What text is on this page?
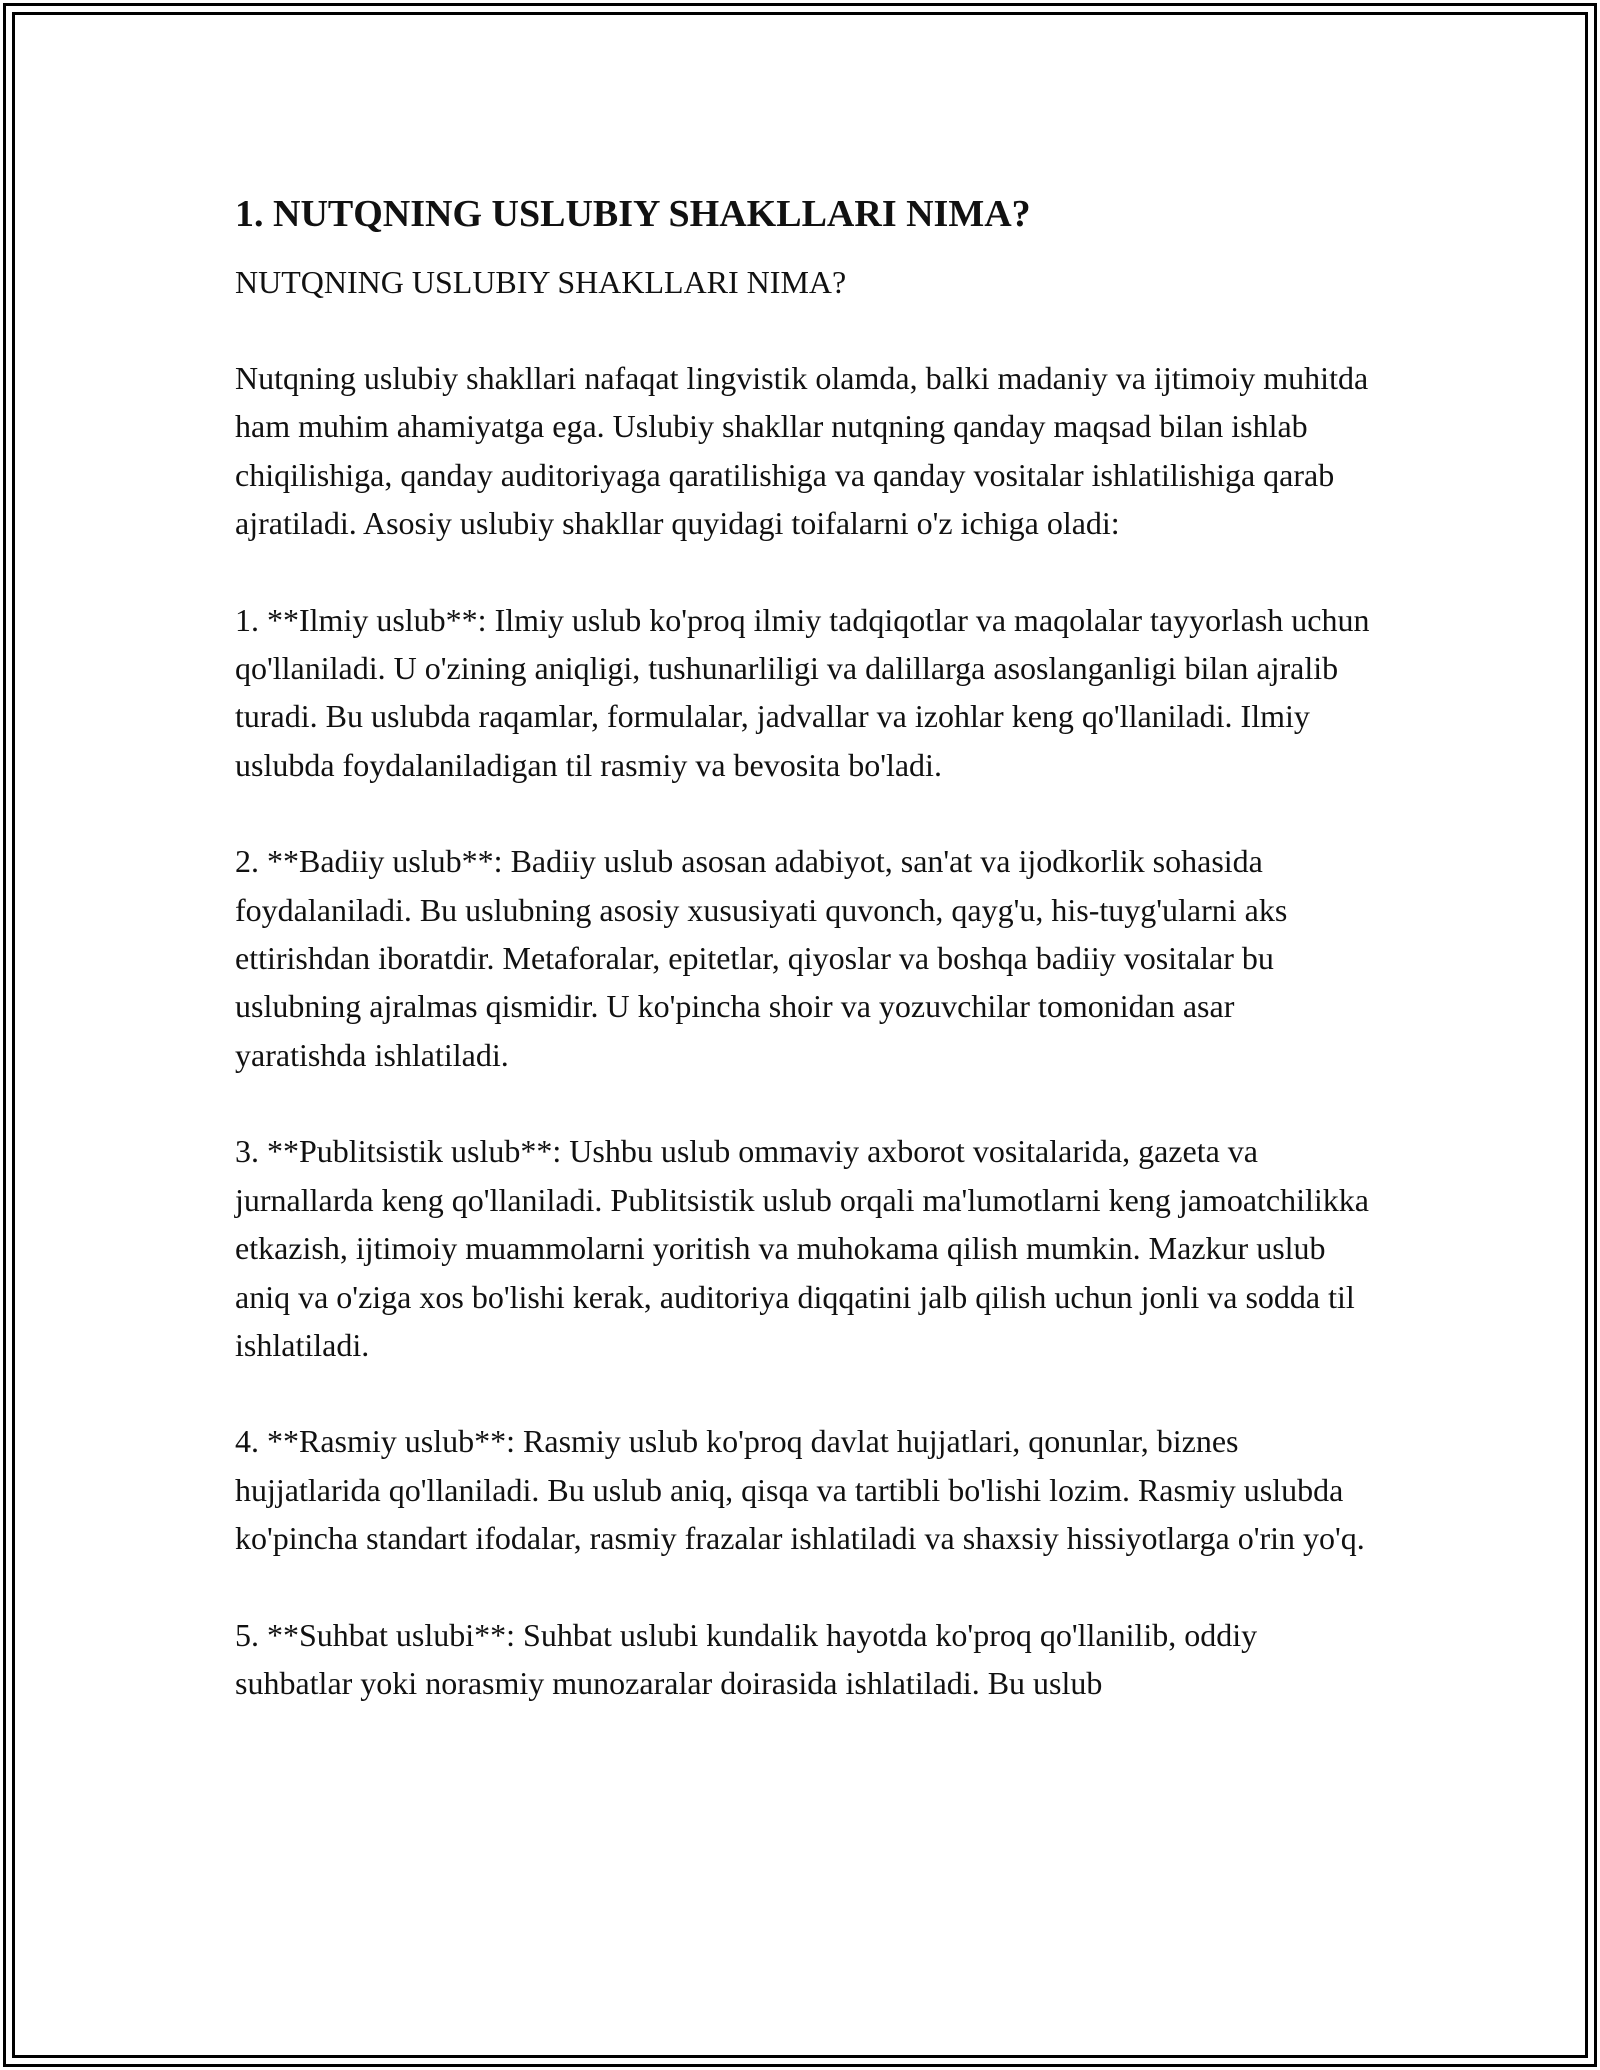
1. NUTQNING USLUBIY SHAKLLARI NIMA?

NUTQNING USLUBIY SHAKLLARI NIMA?

Nutqning uslubiy shakllari nafaqat lingvistik olamda, balki madaniy va ijtimoiy muhitda ham muhim ahamiyatga ega. Uslubiy shakllar nutqning qanday maqsad bilan ishlab chiqilishiga, qanday auditoriyaga qaratilishiga va qanday vositalar ishlatilishiga qarab ajratiladi. Asosiy uslubiy shakllar quyidagi toifalarni o'z ichiga oladi:

1. **Ilmiy uslub**: Ilmiy uslub ko'proq ilmiy tadqiqotlar va maqolalar tayyorlash uchun qo'llaniladi. U o'zining aniqligi, tushunarliligi va dalillarga asoslanganligi bilan ajralib turadi. Bu uslubda raqamlar, formulalar, jadvallar va izohlar keng qo'llaniladi. Ilmiy uslubda foydalaniladigan til rasmiy va bevosita bo'ladi.

2. **Badiiy uslub**: Badiiy uslub asosan adabiyot, san'at va ijodkorlik sohasida foydalaniladi. Bu uslubning asosiy xususiyati quvonch, qayg'u, his-tuyg'ularni aks ettirishdan iboratdir. Metaforalar, epitetlar, qiyoslar va boshqa badiiy vositalar bu uslubning ajralmas qismidir. U ko'pincha shoir va yozuvchilar tomonidan asar yaratishda ishlatiladi.

3. **Publitsistik uslub**: Ushbu uslub ommaviy axborot vositalarida, gazeta va jurnallarda keng qo'llaniladi. Publitsistik uslub orqali ma'lumotlarni keng jamoatchilikka etkazish, ijtimoiy muammolarni yoritish va muhokama qilish mumkin. Mazkur uslub aniq va o'ziga xos bo'lishi kerak, auditoriya diqqatini jalb qilish uchun jonli va sodda til ishlatiladi.

4. **Rasmiy uslub**: Rasmiy uslub ko'proq davlat hujjatlari, qonunlar, biznes hujjatlarida qo'llaniladi. Bu uslub aniq, qisqa va tartibli bo'lishi lozim. Rasmiy uslubda ko'pincha standart ifodalar, rasmiy frazalar ishlatiladi va shaxsiy hissiyotlarga o'rin yo'q.

5. **Suhbat uslubi**: Suhbat uslubi kundalik hayotda ko'proq qo'llanilib, oddiy suhbatlar yoki norasmiy munozaralar doirasida ishlatiladi. Bu uslub
